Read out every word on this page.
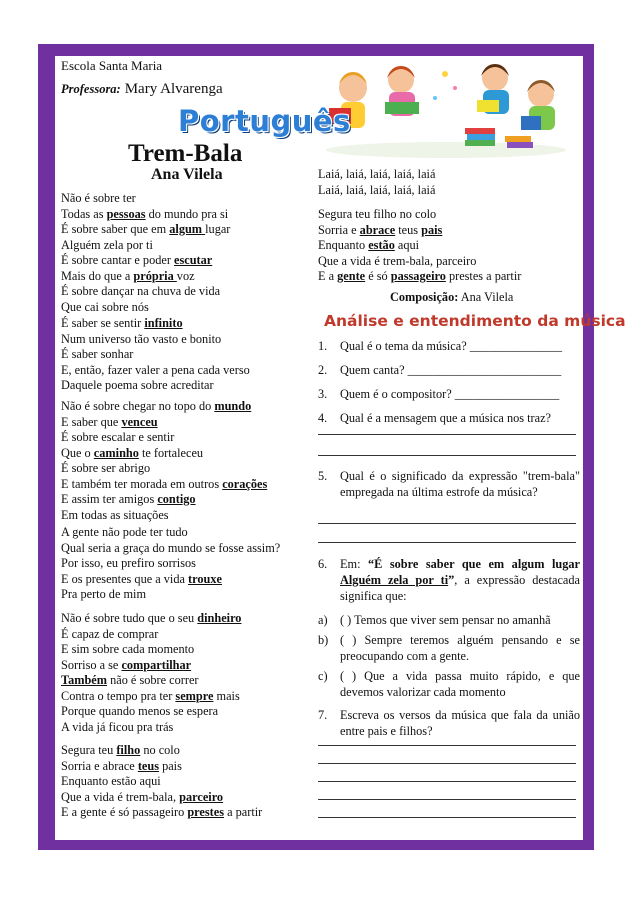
Escola Santa Maria
Professora: Mary Alvarenga
Português
Trem-Bala
Ana Vilela
Não é sobre ter
Todas as pessoas do mundo pra si
É sobre saber que em algum lugar
Alguém zela por ti
É sobre cantar e poder escutar
Mais do que a própria voz
É sobre dançar na chuva de vida
Que cai sobre nós
É saber se sentir infinito
Num universo tão vasto e bonito
É saber sonhar
E, então, fazer valer a pena cada verso
Daquele poema sobre acreditar
Não é sobre chegar no topo do mundo
E saber que venceu
É sobre escalar e sentir
Que o caminho te fortaleceu
É sobre ser abrigo
E também ter morada em outros corações
E assim ter amigos contigo
Em todas as situações
A gente não pode ter tudo
Qual seria a graça do mundo se fosse assim?
Por isso, eu prefiro sorrisos
E os presentes que a vida trouxe
Pra perto de mim
Não é sobre tudo que o seu dinheiro
É capaz de comprar
E sim sobre cada momento
Sorriso a se compartilhar
Também não é sobre correr
Contra o tempo pra ter sempre mais
Porque quando menos se espera
A vida já ficou pra trás
Segura teu filho no colo
Sorria e abrace teus pais
Enquanto estão aqui
Que a vida é trem-bala, parceiro
E a gente é só passageiro prestes a partir
Laiá, laiá, laiá, laiá, laiá
Laiá, laiá, laiá, laiá, laiá
Segura teu filho no colo
Sorria e abrace teus pais
Enquanto estão aqui
Que a vida é trem-bala, parceiro
E a gente é só passageiro prestes a partir
Composição: Ana Vilela
Análise e entendimento da música
1. Qual é o tema da música? _______________
2. Quem canta? _________________________
3. Quem é o compositor? _________________
4. Qual é a mensagem que a música nos traz?
5. Qual é o significado da expressão "trem-bala" empregada na última estrofe da música?
6. Em: “É sobre saber que em algum lugar Alguém zela por ti”, a expressão destacada significa que:
a) ( ) Temos que viver sem pensar no amanhã
b) ( ) Sempre teremos alguém pensando e se preocupando com a gente.
c) ( ) Que a vida passa muito rápido, e que devemos valorizar cada momento
7. Escreva os versos da música que fala da união entre pais e filhos?
